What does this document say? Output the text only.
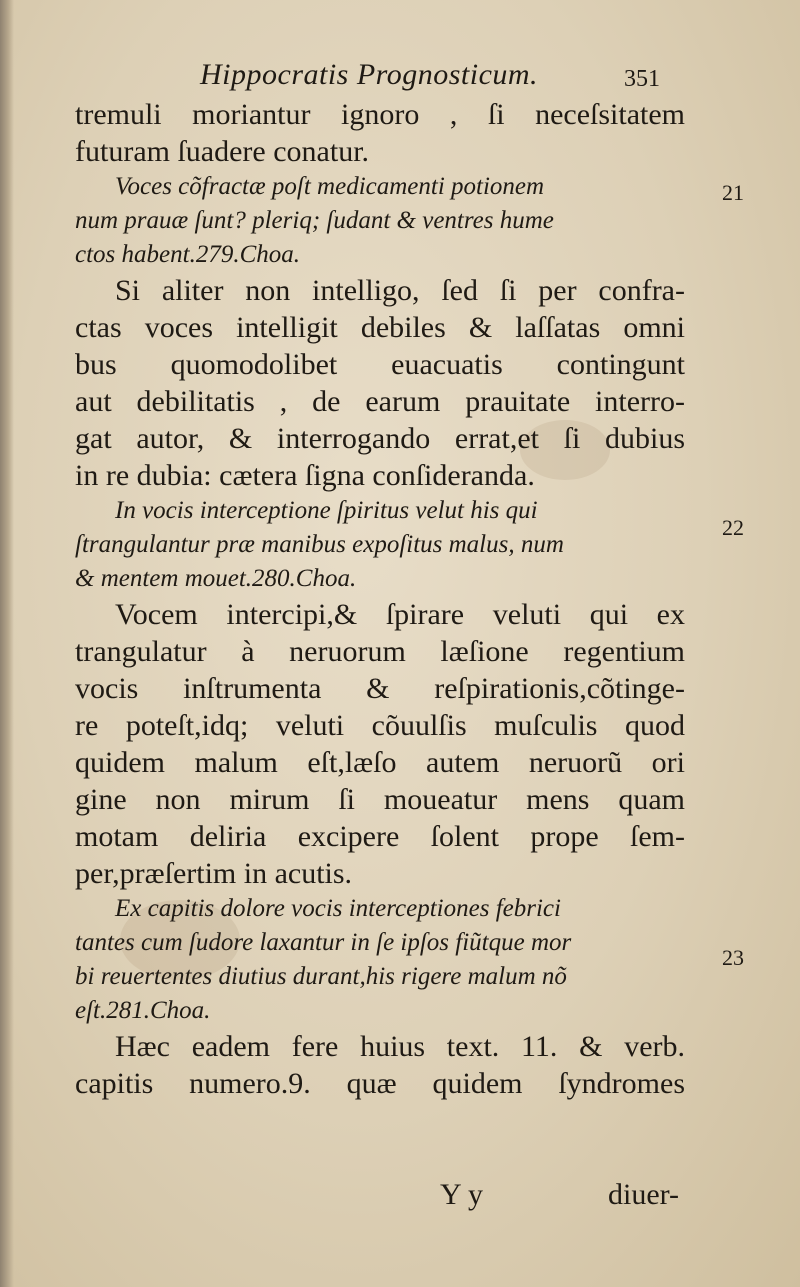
Hippocratis Prognosticum.	351
tremuli moriantur ignoro , ſi neceſsitatem
futuram ſuadere conatur.
Voces cõfractæ poſt medicamenti potionem
num prauæ ſunt? pleriq; ſudant & ventres hume
ctos habent.279.Choa.
Si aliter non intelligo, ſed ſi per confra-
ctas voces intelligit debiles & laſſatas omni
bus quomodolibet euacuatis contingunt
aut debilitatis , de earum prauitate interro-
gat autor, & interrogando errat,et ſi dubius
in re dubia: cætera ſigna conſideranda.
In vocis interceptione ſpiritus velut his qui
ſtrangulantur præ manibus expoſitus malus, num
& mentem mouet.280.Choa.
Vocem intercipi,& ſpirare veluti qui ex
trangulatur à neruorum læſione regentium
vocis inſtrumenta & reſpirationis,cõtinge-
re poteſt,idq; veluti cõuulſis muſculis quod
quidem malum eſt,læſo autem neruorũ ori
gine non mirum ſi moueatur mens quam
motam deliria excipere ſolent prope ſem-
per,præſertim in acutis.
Ex capitis dolore vocis interceptiones febrici
tantes cum ſudore laxantur in ſe ipſos fiũtque mor
bi reuertentes diutius durant,his rigere malum nõ
eſt.281.Choa.
Hæc eadem fere huius text. 11. & verb.
capitis numero.9. quæ quidem ſyndromes
21
22
23
Y y	diuer-
